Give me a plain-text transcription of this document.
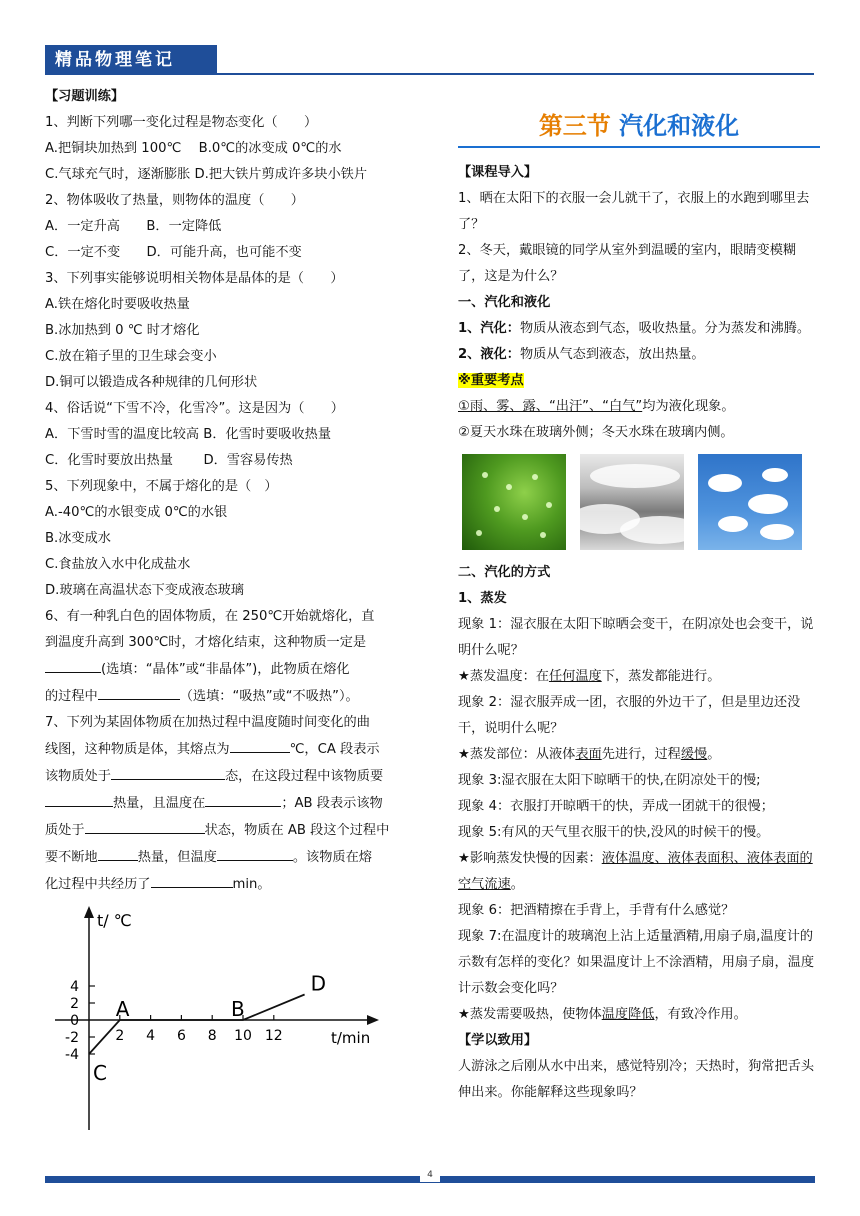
精品物理笔记
【习题训练】
1、判断下列哪一变化过程是物态变化（　　）
A.把铜块加热到 100℃　 B.0℃的冰变成 0℃的水
C.气球充气时，逐渐膨胀 D.把大铁片剪成许多块小铁片
2、物体吸收了热量，则物体的温度（　　）
A．一定升高　　B．一定降低
C．一定不变　　D．可能升高，也可能不变
3、下列事实能够说明相关物体是晶体的是（　　）
A.铁在熔化时要吸收热量
B.冰加热到 0 ℃ 时才熔化
C.放在箱子里的卫生球会变小
D.铜可以锻造成各种规律的几何形状
4、俗话说“下雪不冷，化雪冷”。这是因为（　　）
A．下雪时雪的温度比较高 B．化雪时要吸收热量
C．化雪时要放出热量　　 D．雪容易传热
5、下列现象中，不属于熔化的是（　）
A.-40℃的水银变成 0℃的水银
B.冰变成水
C.食盐放入水中化成盐水
D.玻璃在高温状态下变成液态玻璃
6、有一种乳白色的固体物质，在 250℃开始就熔化，直
到温度升高到 300℃时，才熔化结束，这种物质一定是
(选填：“晶体”或“非晶体”)，此物质在熔化
的过程中	（选填：“吸热”或“不吸热”）。
7、下列为某固体物质在加热过程中温度随时间变化的曲
线图，这种物质是体，其熔点为	℃，CA 段表示
该物质处于	态，在这段过程中该物质要
热量，且温度在	；AB 段表示该物
质处于	状态，物质在 AB 段这个过程中
要不断地	热量，但温度	。该物质在熔
化过程中共经历了	min。
t/ ℃
t/min
2 4 6 8 10 12
4
2
0
-2
-4
C
A	B
D
第三节 汽化和液化
【课程导入】
1、晒在太阳下的衣服一会儿就干了，衣服上的水跑到哪里去了？
2、冬天，戴眼镜的同学从室外到温暖的室内，眼睛变模糊了，这是为什么？
一、汽化和液化
1、汽化：物质从液态到气态，吸收热量。分为蒸发和沸腾。
2、液化：物质从气态到液态，放出热量。
※重要考点
①雨、雾、露、“出汗”、“白气”均为液化现象。
②夏天水珠在玻璃外侧；冬天水珠在玻璃内侧。
二、汽化的方式
1、蒸发
现象 1：湿衣服在太阳下晾晒会变干，在阴凉处也会变干，说明什么呢？
★蒸发温度：在任何温度下，蒸发都能进行。
现象 2：湿衣服弄成一团，衣服的外边干了，但是里边还没干，说明什么呢？
★蒸发部位：从液体表面先进行，过程缓慢。
现象 3:湿衣服在太阳下晾晒干的快,在阴凉处干的慢;
现象 4：衣服打开晾晒干的快，弄成一团就干的很慢；
现象 5:有风的天气里衣服干的快,没风的时候干的慢。
★影响蒸发快慢的因素：液体温度、液体表面积、液体表面的空气流速。
现象 6：把酒精擦在手背上，手背有什么感觉？
现象 7:在温度计的玻璃泡上沾上适量酒精,用扇子扇,温度计的示数有怎样的变化？如果温度计上不涂酒精，用扇子扇，温度计示数会变化吗？
★蒸发需要吸热，使物体温度降低，有致冷作用。
【学以致用】
人游泳之后刚从水中出来，感觉特别冷；天热时，狗常把舌头伸出来。你能解释这些现象吗？
4
